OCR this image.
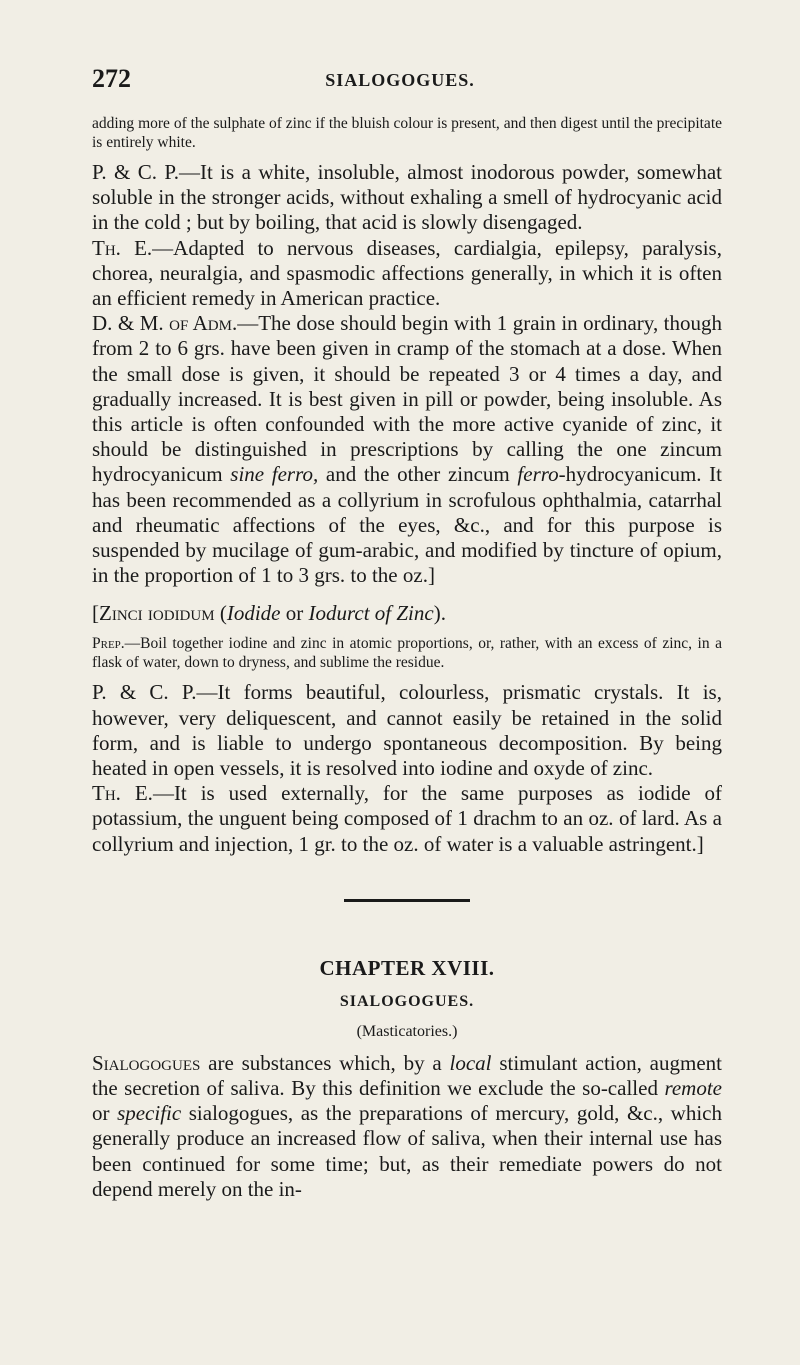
272	SIALOGOGUES.

adding more of the sulphate of zinc if the bluish colour is present, and then digest until the precipitate is entirely white.

P. & C. P.—It is a white, insoluble, almost inodorous powder, somewhat soluble in the stronger acids, without exhaling a smell of hydrocyanic acid in the cold ; but by boiling, that acid is slowly disengaged.

Th. E.—Adapted to nervous diseases, cardialgia, epilepsy, paralysis, chorea, neuralgia, and spasmodic affections generally, in which it is often an efficient remedy in American practice.

D. & M. of Adm.—The dose should begin with 1 grain in ordinary, though from 2 to 6 grs. have been given in cramp of the stomach at a dose. When the small dose is given, it should be repeated 3 or 4 times a day, and gradually increased. It is best given in pill or powder, being insoluble. As this article is often confounded with the more active cyanide of zinc, it should be distinguished in prescriptions by calling the one zincum hydrocyanicum sine ferro, and the other zincum ferro-hydrocyanicum. It has been recommended as a collyrium in scrofulous ophthalmia, catarrhal and rheumatic affections of the eyes, &c., and for this purpose is suspended by mucilage of gum-arabic, and modified by tincture of opium, in the proportion of 1 to 3 grs. to the oz.]

[Zinci iodidum (Iodide or Iodurct of Zinc).

Prep.—Boil together iodine and zinc in atomic proportions, or, rather, with an excess of zinc, in a flask of water, down to dryness, and sublime the residue.

P. & C. P.—It forms beautiful, colourless, prismatic crystals. It is, however, very deliquescent, and cannot easily be retained in the solid form, and is liable to undergo spontaneous decomposition. By being heated in open vessels, it is resolved into iodine and oxyde of zinc.

Th. E.—It is used externally, for the same purposes as iodide of potassium, the unguent being composed of 1 drachm to an oz. of lard. As a collyrium and injection, 1 gr. to the oz. of water is a valuable astringent.]

CHAPTER XVIII.
SIALOGOGUES.
(Masticatories.)

Sialogogues are substances which, by a local stimulant action, augment the secretion of saliva. By this definition we exclude the so-called remote or specific sialogogues, as the preparations of mercury, gold, &c., which generally produce an increased flow of saliva, when their internal use has been continued for some time; but, as their remediate powers do not depend merely on the in-
